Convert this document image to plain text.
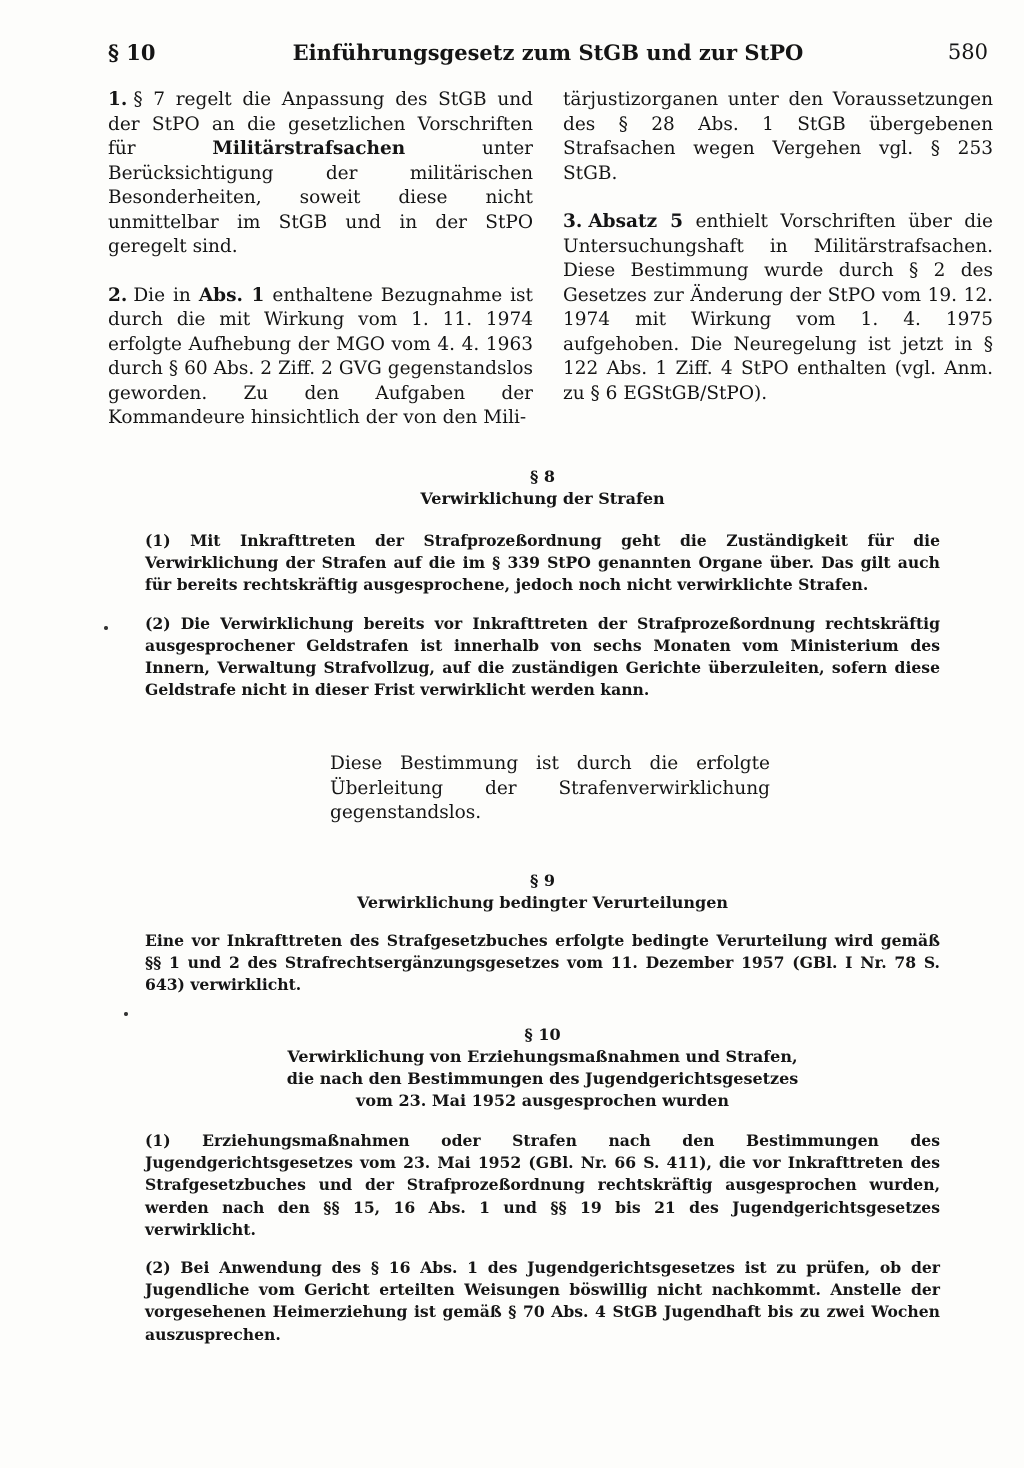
§ 10	Einführungsgesetz zum StGB und zur StPO	580

1. § 7 regelt die Anpassung des StGB und der StPO an die gesetzlichen Vorschriften für Militärstrafsachen unter Berücksichtigung der militärischen Besonderheiten, soweit diese nicht unmittelbar im StGB und in der StPO geregelt sind.

2. Die in Abs. 1 enthaltene Bezugnahme ist durch die mit Wirkung vom 1. 11. 1974 erfolgte Aufhebung der MGO vom 4. 4. 1963 durch § 60 Abs. 2 Ziff. 2 GVG gegenstandslos geworden. Zu den Aufgaben der Kommandeure hinsichtlich der von den Mili-

tärjustizorganen unter den Voraussetzungen des § 28 Abs. 1 StGB übergebenen Strafsachen wegen Vergehen vgl. § 253 StGB.

3. Absatz 5 enthielt Vorschriften über die Untersuchungshaft in Militärstrafsachen. Diese Bestimmung wurde durch § 2 des Gesetzes zur Änderung der StPO vom 19. 12. 1974 mit Wirkung vom 1. 4. 1975 aufgehoben. Die Neuregelung ist jetzt in § 122 Abs. 1 Ziff. 4 StPO enthalten (vgl. Anm. zu § 6 EGStGB/StPO).

§ 8
Verwirklichung der Strafen

(1) Mit Inkrafttreten der Strafprozeßordnung geht die Zuständigkeit für die Verwirklichung der Strafen auf die im § 339 StPO genannten Organe über. Das gilt auch für bereits rechtskräftig ausgesprochene, jedoch noch nicht verwirklichte Strafen.

(2) Die Verwirklichung bereits vor Inkrafttreten der Strafprozeßordnung rechtskräftig ausgesprochener Geldstrafen ist innerhalb von sechs Monaten vom Ministerium des Innern, Verwaltung Strafvollzug, auf die zuständigen Gerichte überzuleiten, sofern diese Geldstrafe nicht in dieser Frist verwirklicht werden kann.

Diese Bestimmung ist durch die erfolgte Überleitung der Strafenverwirklichung gegenstandslos.
§ 9
Verwirklichung bedingter Verurteilungen

Eine vor Inkrafttreten des Strafgesetzbuches erfolgte bedingte Verurteilung wird gemäß §§ 1 und 2 des Strafrechtsergänzungsgesetzes vom 11. Dezember 1957 (GBl. I Nr. 78 S. 643) verwirklicht.

§ 10
Verwirklichung von Erziehungsmaßnahmen und Strafen,
die nach den Bestimmungen des Jugendgerichtsgesetzes
vom 23. Mai 1952 ausgesprochen wurden

(1) Erziehungsmaßnahmen oder Strafen nach den Bestimmungen des Jugendgerichtsgesetzes vom 23. Mai 1952 (GBl. Nr. 66 S. 411), die vor Inkrafttreten des Strafgesetzbuches und der Strafprozeßordnung rechtskräftig ausgesprochen wurden, werden nach den §§ 15, 16 Abs. 1 und §§ 19 bis 21 des Jugendgerichtsgesetzes verwirklicht.

(2) Bei Anwendung des § 16 Abs. 1 des Jugendgerichtsgesetzes ist zu prüfen, ob der Jugendliche vom Gericht erteilten Weisungen böswillig nicht nachkommt. Anstelle der vorgesehenen Heimerziehung ist gemäß § 70 Abs. 4 StGB Jugendhaft bis zu zwei Wochen auszusprechen.
